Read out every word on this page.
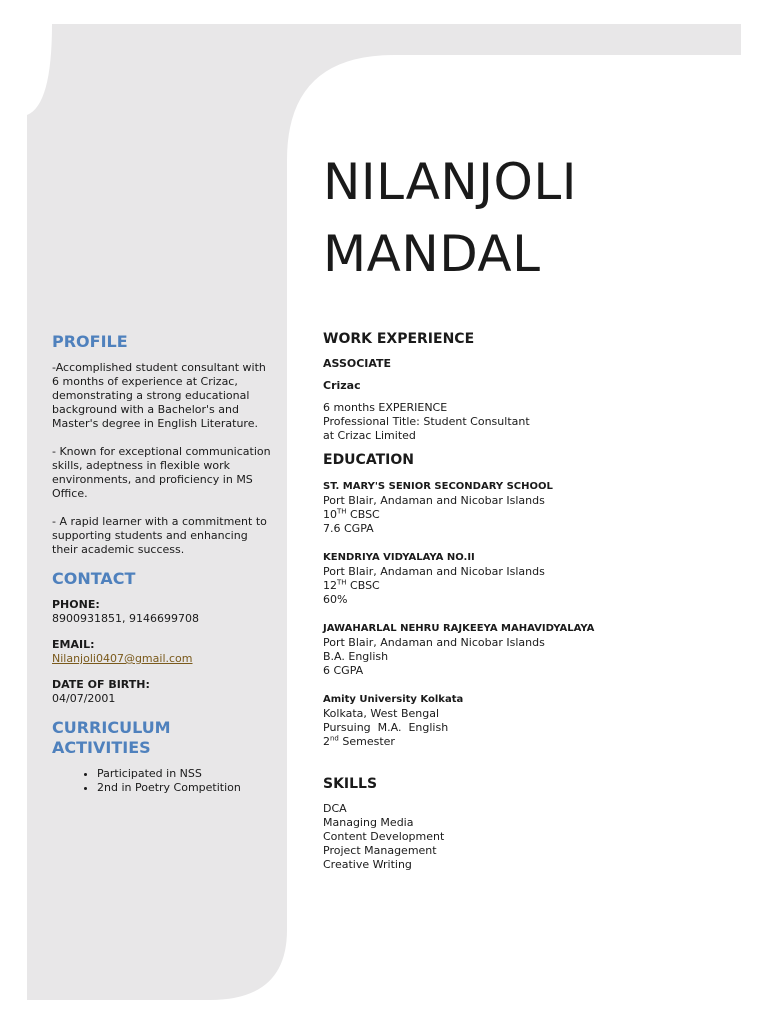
PROFILE

-Accomplished student consultant with 6 months of experience at Crizac, demonstrating a strong educational background with a Bachelor's and Master's degree in English Literature.

- Known for exceptional communication skills, adeptness in flexible work environments, and proficiency in MS Office.

- A rapid learner with a commitment to supporting students and enhancing their academic success.

CONTACT
PHONE:
8900931851, 9146699708
EMAIL:
Nilanjoli0407@gmail.com
DATE OF BIRTH:
04/07/2001
CURRICULUM ACTIVITIES
• Participated in NSS
• 2nd in Poetry Competition
NILANJOLI
MANDAL
WORK EXPERIENCE
ASSOCIATE
Crizac
6 months EXPERIENCE
Professional Title: Student Consultant
at Crizac Limited
EDUCATION
ST. MARY'S SENIOR SECONDARY SCHOOL
Port Blair, Andaman and Nicobar Islands
10TH CBSC
7.6 CGPA
KENDRIYA VIDYALAYA NO.II
Port Blair, Andaman and Nicobar Islands
12TH CBSC
60%
JAWAHARLAL NEHRU RAJKEEYA MAHAVIDYALAYA
Port Blair, Andaman and Nicobar Islands
B.A. English
6 CGPA
Amity University Kolkata
Kolkata, West Bengal
Pursuing  M.A.  English
2nd Semester
SKILLS
DCA
Managing Media
Content Development
Project Management
Creative Writing
